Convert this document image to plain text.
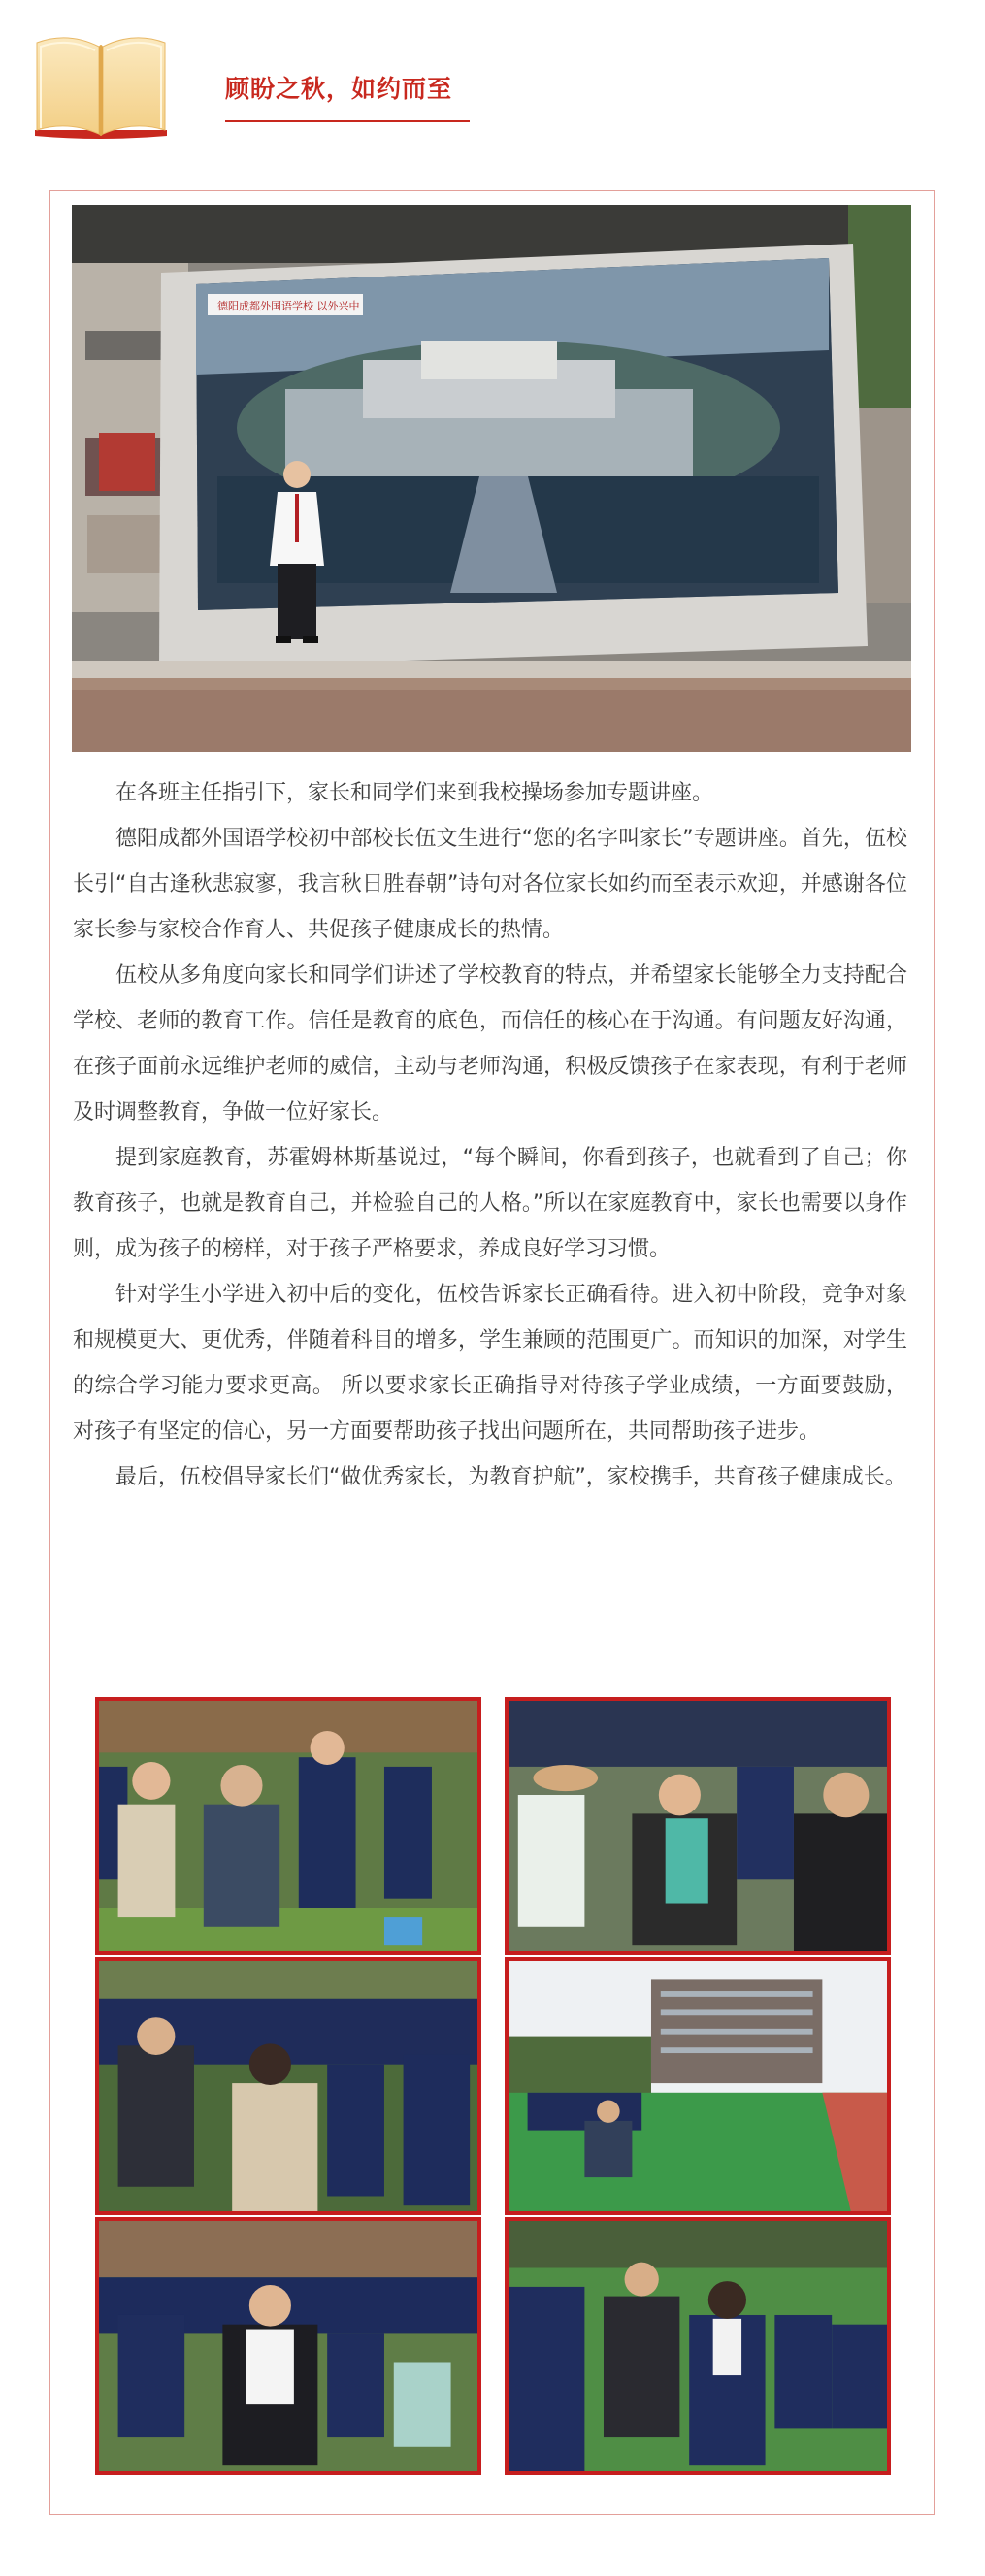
顾盼之秋，如约而至
德阳成都外国语学校 以外兴中

在各班主任指引下，家长和同学们来到我校操场参加专题讲座。

德阳成都外国语学校初中部校长伍文生进行“您的名字叫家长”专题讲座。首先，伍校长引“自古逢秋悲寂寥，我言秋日胜春朝”诗句对各位家长如约而至表示欢迎，并感谢各位家长参与家校合作育人、共促孩子健康成长的热情。

伍校从多角度向家长和同学们讲述了学校教育的特点，并希望家长能够全力支持配合学校、老师的教育工作。信任是教育的底色，而信任的核心在于沟通。有问题友好沟通，在孩子面前永远维护老师的威信，主动与老师沟通，积极反馈孩子在家表现，有利于老师及时调整教育，争做一位好家长。

提到家庭教育，苏霍姆林斯基说过，“每个瞬间，你看到孩子，也就看到了自己；你教育孩子，也就是教育自己，并检验自己的人格。”所以在家庭教育中，家长也需要以身作则，成为孩子的榜样，对于孩子严格要求，养成良好学习习惯。

针对学生小学进入初中后的变化，伍校告诉家长正确看待。进入初中阶段，竞争对象和规模更大、更优秀，伴随着科目的增多，学生兼顾的范围更广。而知识的加深，对学生的综合学习能力要求更高。 所以要求家长正确指导对待孩子学业成绩，一方面要鼓励，对孩子有坚定的信心，另一方面要帮助孩子找出问题所在，共同帮助孩子进步。

最后，伍校倡导家长们“做优秀家长，为教育护航”，家校携手，共育孩子健康成长。
